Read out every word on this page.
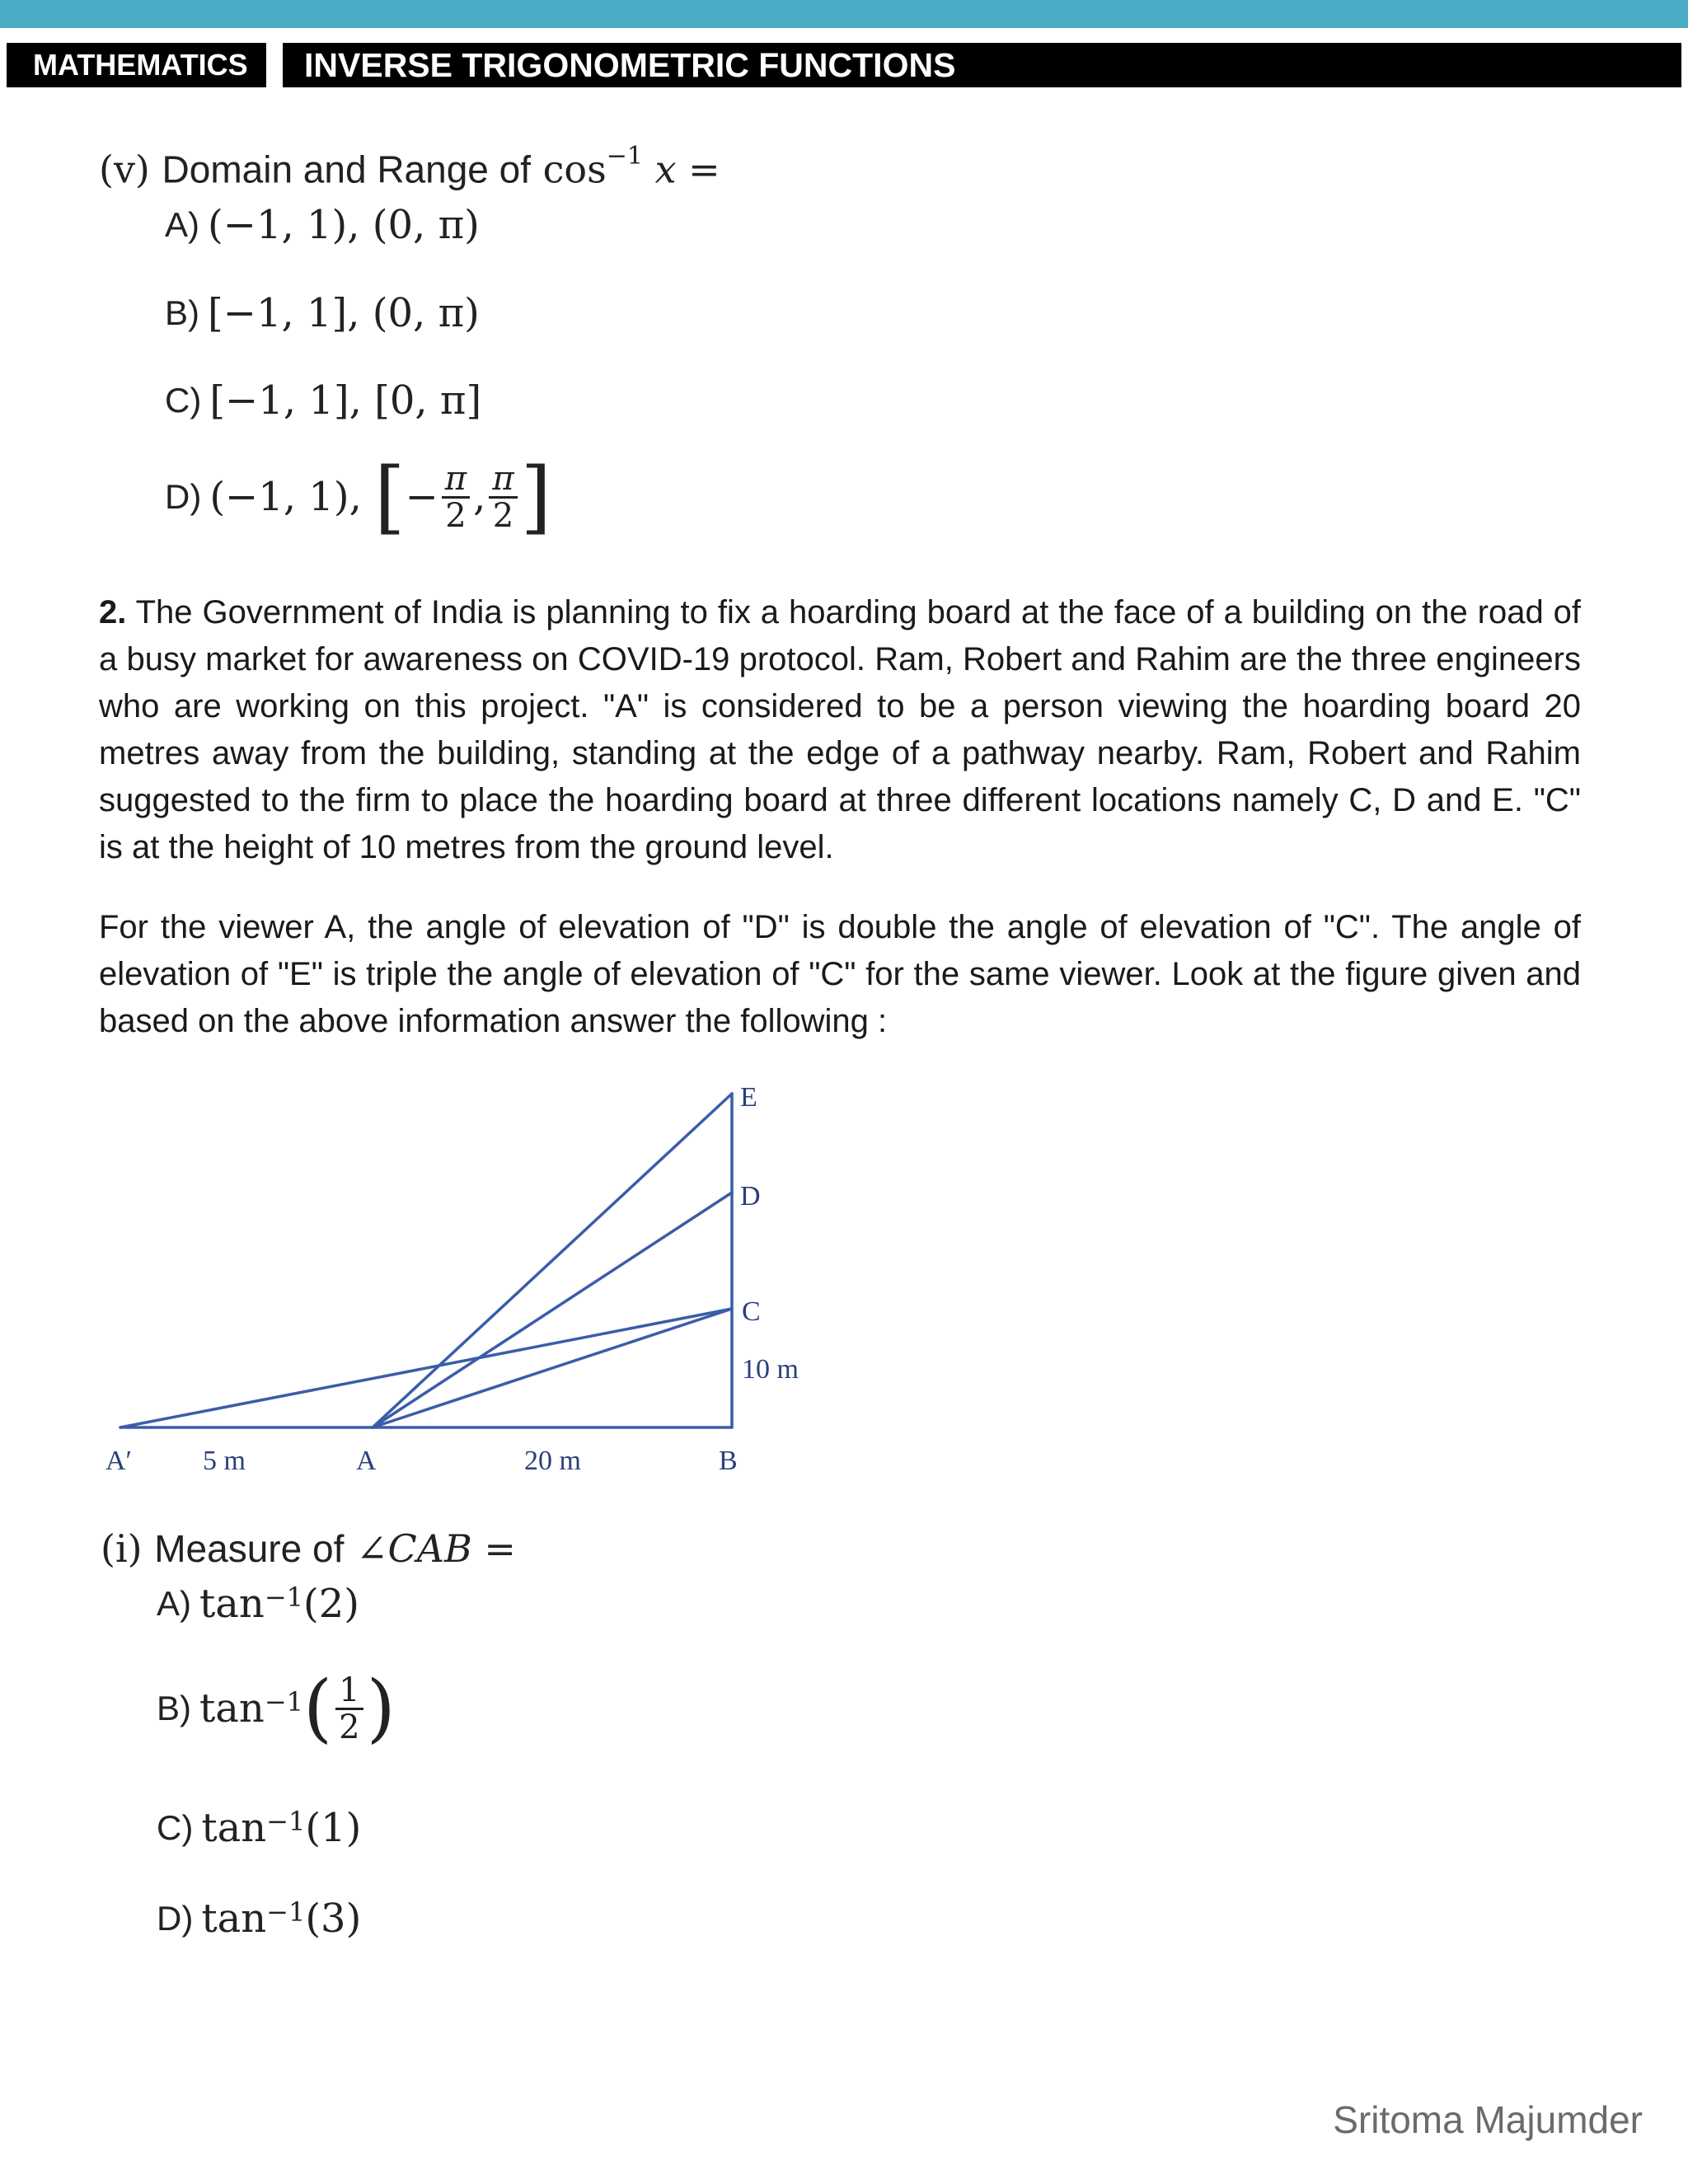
MATHEMATICS	INVERSE TRIGONOMETRIC FUNCTIONS
(v) Domain and Range of $\cos^{-1} x$ =
A) (−1, 1) , (0, π)
B) [−1, 1] , (0, π)
C) [−1, 1] , [0, π]
D) (−1, 1) , [ − $\frac{\pi}{2}$ , $\frac{\pi}{2}$ ]
2. The Government of India is planning to fix a hoarding board at the face of a building on the road of a busy market for awareness on COVID-19 protocol. Ram, Robert and Rahim are the three engineers who are working on this project. "A" is considered to be a person viewing the hoarding board 20 metres away from the building, standing at the edge of a pathway nearby. Ram, Robert and Rahim suggested to the firm to place the hoarding board at three different locations namely C, D and E. "C" is at the height of 10 metres from the ground level.
For the viewer A, the angle of elevation of "D" is double the angle of elevation of "C". The angle of elevation of "E" is triple the angle of elevation of "C" for the same viewer. Look at the figure given and based on the above information answer the following :
E
D
C
10 m
A′	5 m	A	20 m	B
(i) Measure of ∠CAB =
A) $\tan^{-1} (2)$
B) $\tan^{-1}$ ( $\frac{1}{2}$ )
C) $\tan^{-1} (1)$
D) $\tan^{-1} (3)$
Sritoma Majumder
